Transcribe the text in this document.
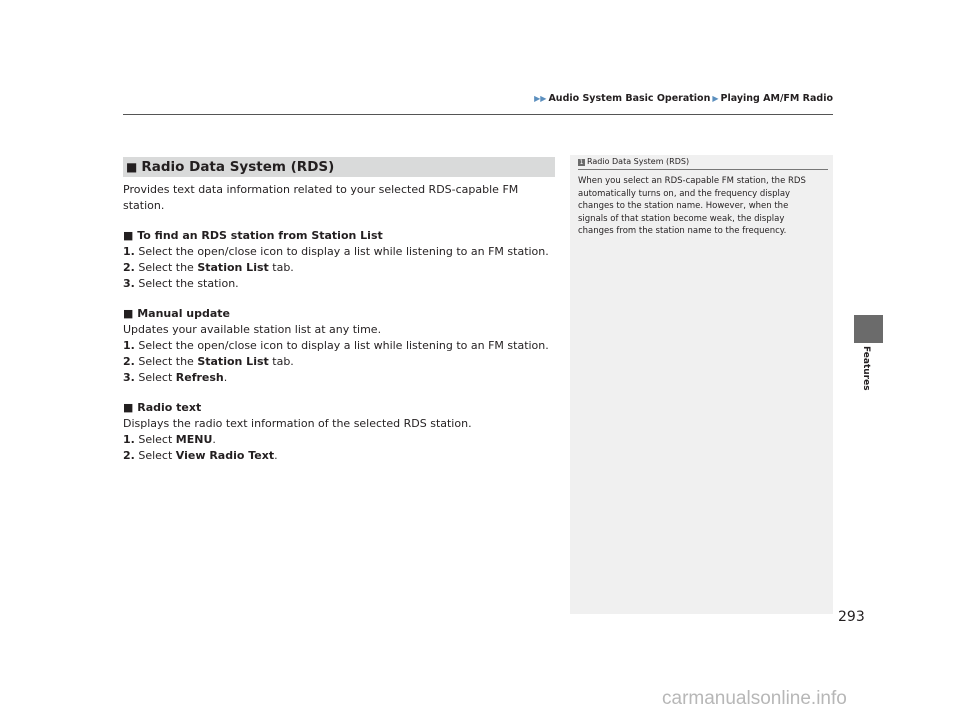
▶▶ Audio System Basic Operation ▶ Playing AM/FM Radio
■ Radio Data System (RDS)

Provides text data information related to your selected RDS-capable FM station.

■ To find an RDS station from Station List

1. Select the open/close icon to display a list while listening to an FM station.

2. Select the Station List tab.

3. Select the station.

■ Manual update

Updates your available station list at any time.

1. Select the open/close icon to display a list while listening to an FM station.

2. Select the Station List tab.

3. Select Refresh.

■ Radio text

Displays the radio text information of the selected RDS station.

1. Select MENU.

2. Select View Radio Text.

1 Radio Data System (RDS)
When you select an RDS-capable FM station, the RDS automatically turns on, and the frequency display changes to the station name. However, when the signals of that station become weak, the display changes from the station name to the frequency.
Features
293
carmanualsonline.info
